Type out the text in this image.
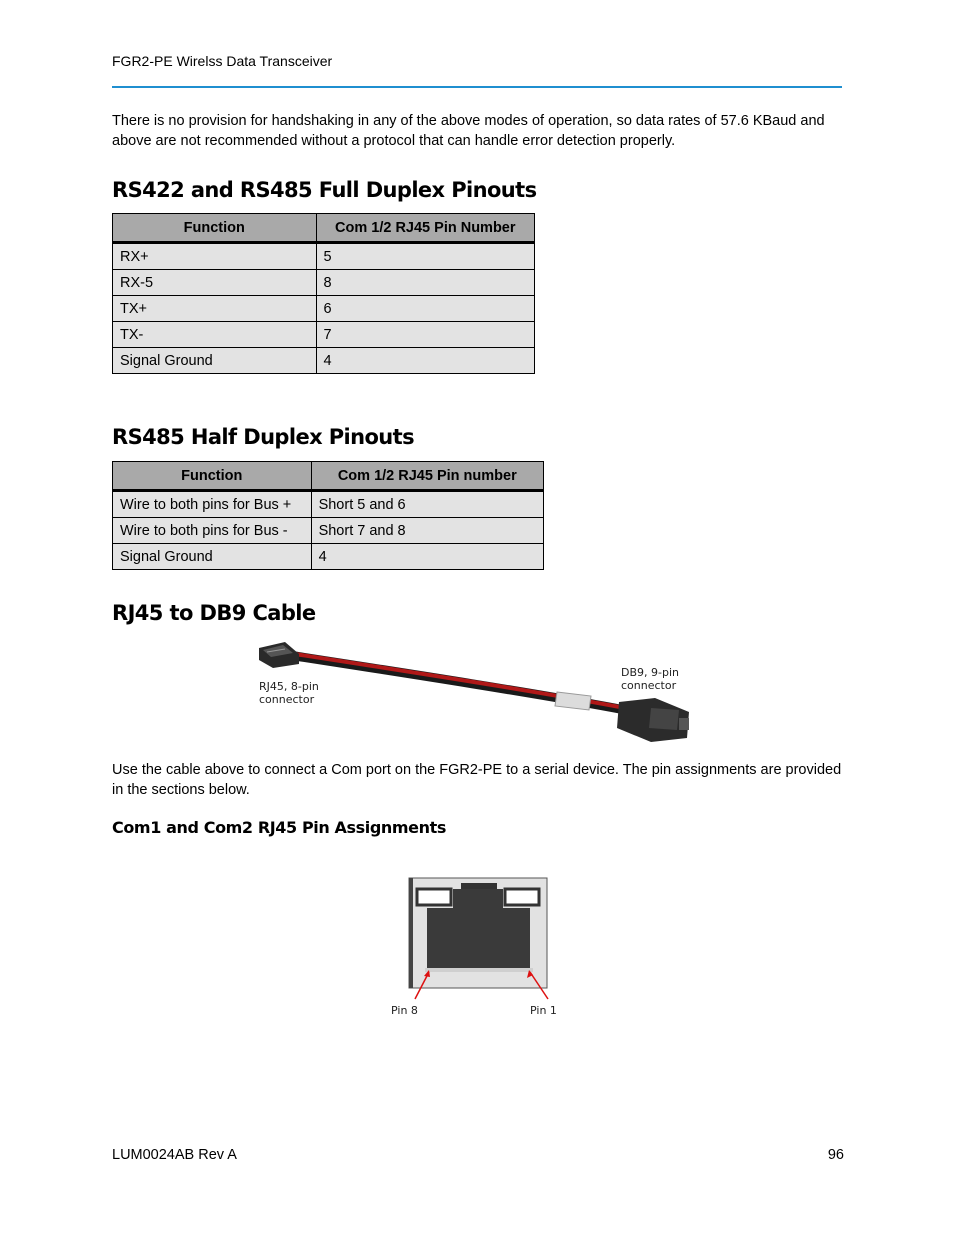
FGR2-PE Wirelss Data Transceiver
There is no provision for handshaking in any of the above modes of operation, so data rates of 57.6 KBaud and above are not recommended without a protocol that can handle error detection properly.
RS422 and RS485 Full Duplex Pinouts
Function	Com 1/2 RJ45 Pin Number
RX+	5
RX-5	8
TX+	6
TX-	7
Signal Ground	4
RS485 Half Duplex Pinouts
Function	Com 1/2 RJ45 Pin number
Wire to both pins for Bus +	Short 5 and 6
Wire to both pins for Bus -	Short 7 and 8
Signal Ground	4
RJ45 to DB9 Cable
RJ45, 8-pin
connector
DB9, 9-pin
connector
Use the cable above to connect a Com port on the FGR2-PE to a serial device. The pin assignments are provided in the sections below.
Com1 and Com2 RJ45 Pin Assignments
Pin 8	Pin 1
LUM0024AB Rev A	96
